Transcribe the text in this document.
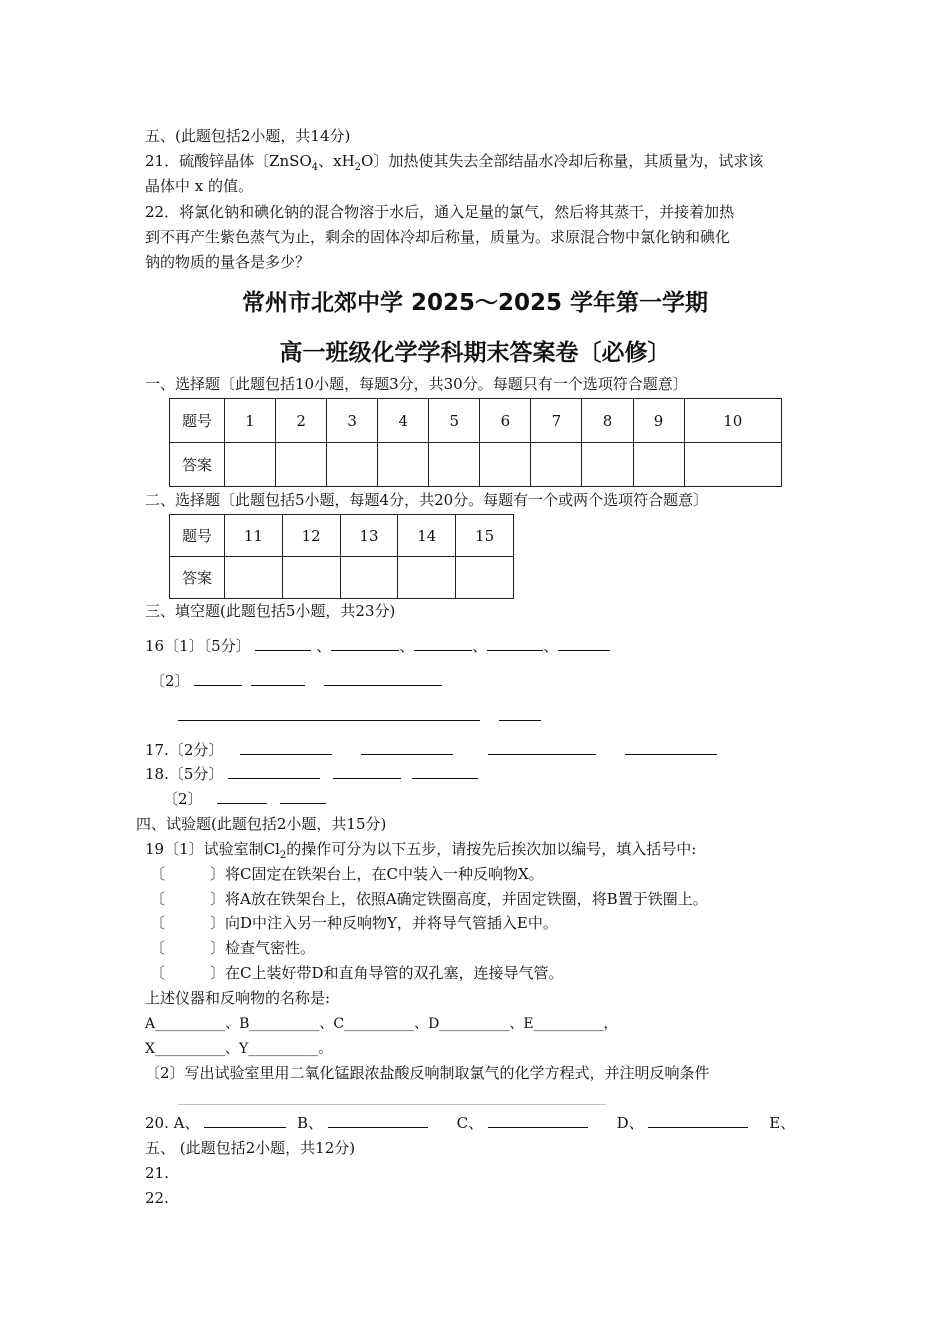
五、(此题包括2小题，共14分)
21．硫酸锌晶体〔ZnSO$_4$、$xH_2O$〕加热使其失去全部结晶水冷却后称量，其质量为，试求该
晶体中 x 的值。
22．将氯化钠和碘化钠的混合物溶于水后，通入足量的氯气，然后将其蒸干，并接着加热
到不再产生紫色蒸气为止，剩余的固体冷却后称量，质量为。求原混合物中氯化钠和碘化
钠的物质的量各是多少？
常州市北郊中学 2025～2025 学年第一学期
高一班级化学学科期末答案卷〔必修〕
一、选择题〔此题包括10小题，每题3分，共30分。每题只有一个选项符合题意〕
题号	1	2	3	4	5	6	7	8	9	10
答案										
二、选择题〔此题包括5小题，每题4分，共20分。每题有一个或两个选项符合题意〕
题号	11	12	13	14	15
答案					
三、填空题(此题包括5小题，共23分)
16〔1〕〔5分〕	、	、	、	、
〔2〕

17.〔2分〕
18.〔5分〕
〔2〕
四、试验题(此题包括2小题，共15分)
19〔1〕试验室制$Cl_2$的操作可分为以下五步，请按先后挨次加以编号，填入括号中:
〔　　　〕将C固定在铁架台上，在C中装入一种反响物X。
〔　　　〕将A放在铁架台上，依照A确定铁圈高度，并固定铁圈，将B置于铁圈上。
〔　　　〕向D中注入另一种反响物Y，并将导气管插入E中。
〔　　　〕检查气密性。
〔　　　〕在C上装好带D和直角导管的双孔塞，连接导气管。
上述仪器和反响物的名称是:
A__________、B__________、C__________、D__________、E__________，
X__________、Y__________。
〔2〕写出试验室里用二氧化锰跟浓盐酸反响制取氯气的化学方程式，并注明反响条件
20. A、	B、	C、	D、	E、
五、 (此题包括2小题，共12分)
21.
22.
